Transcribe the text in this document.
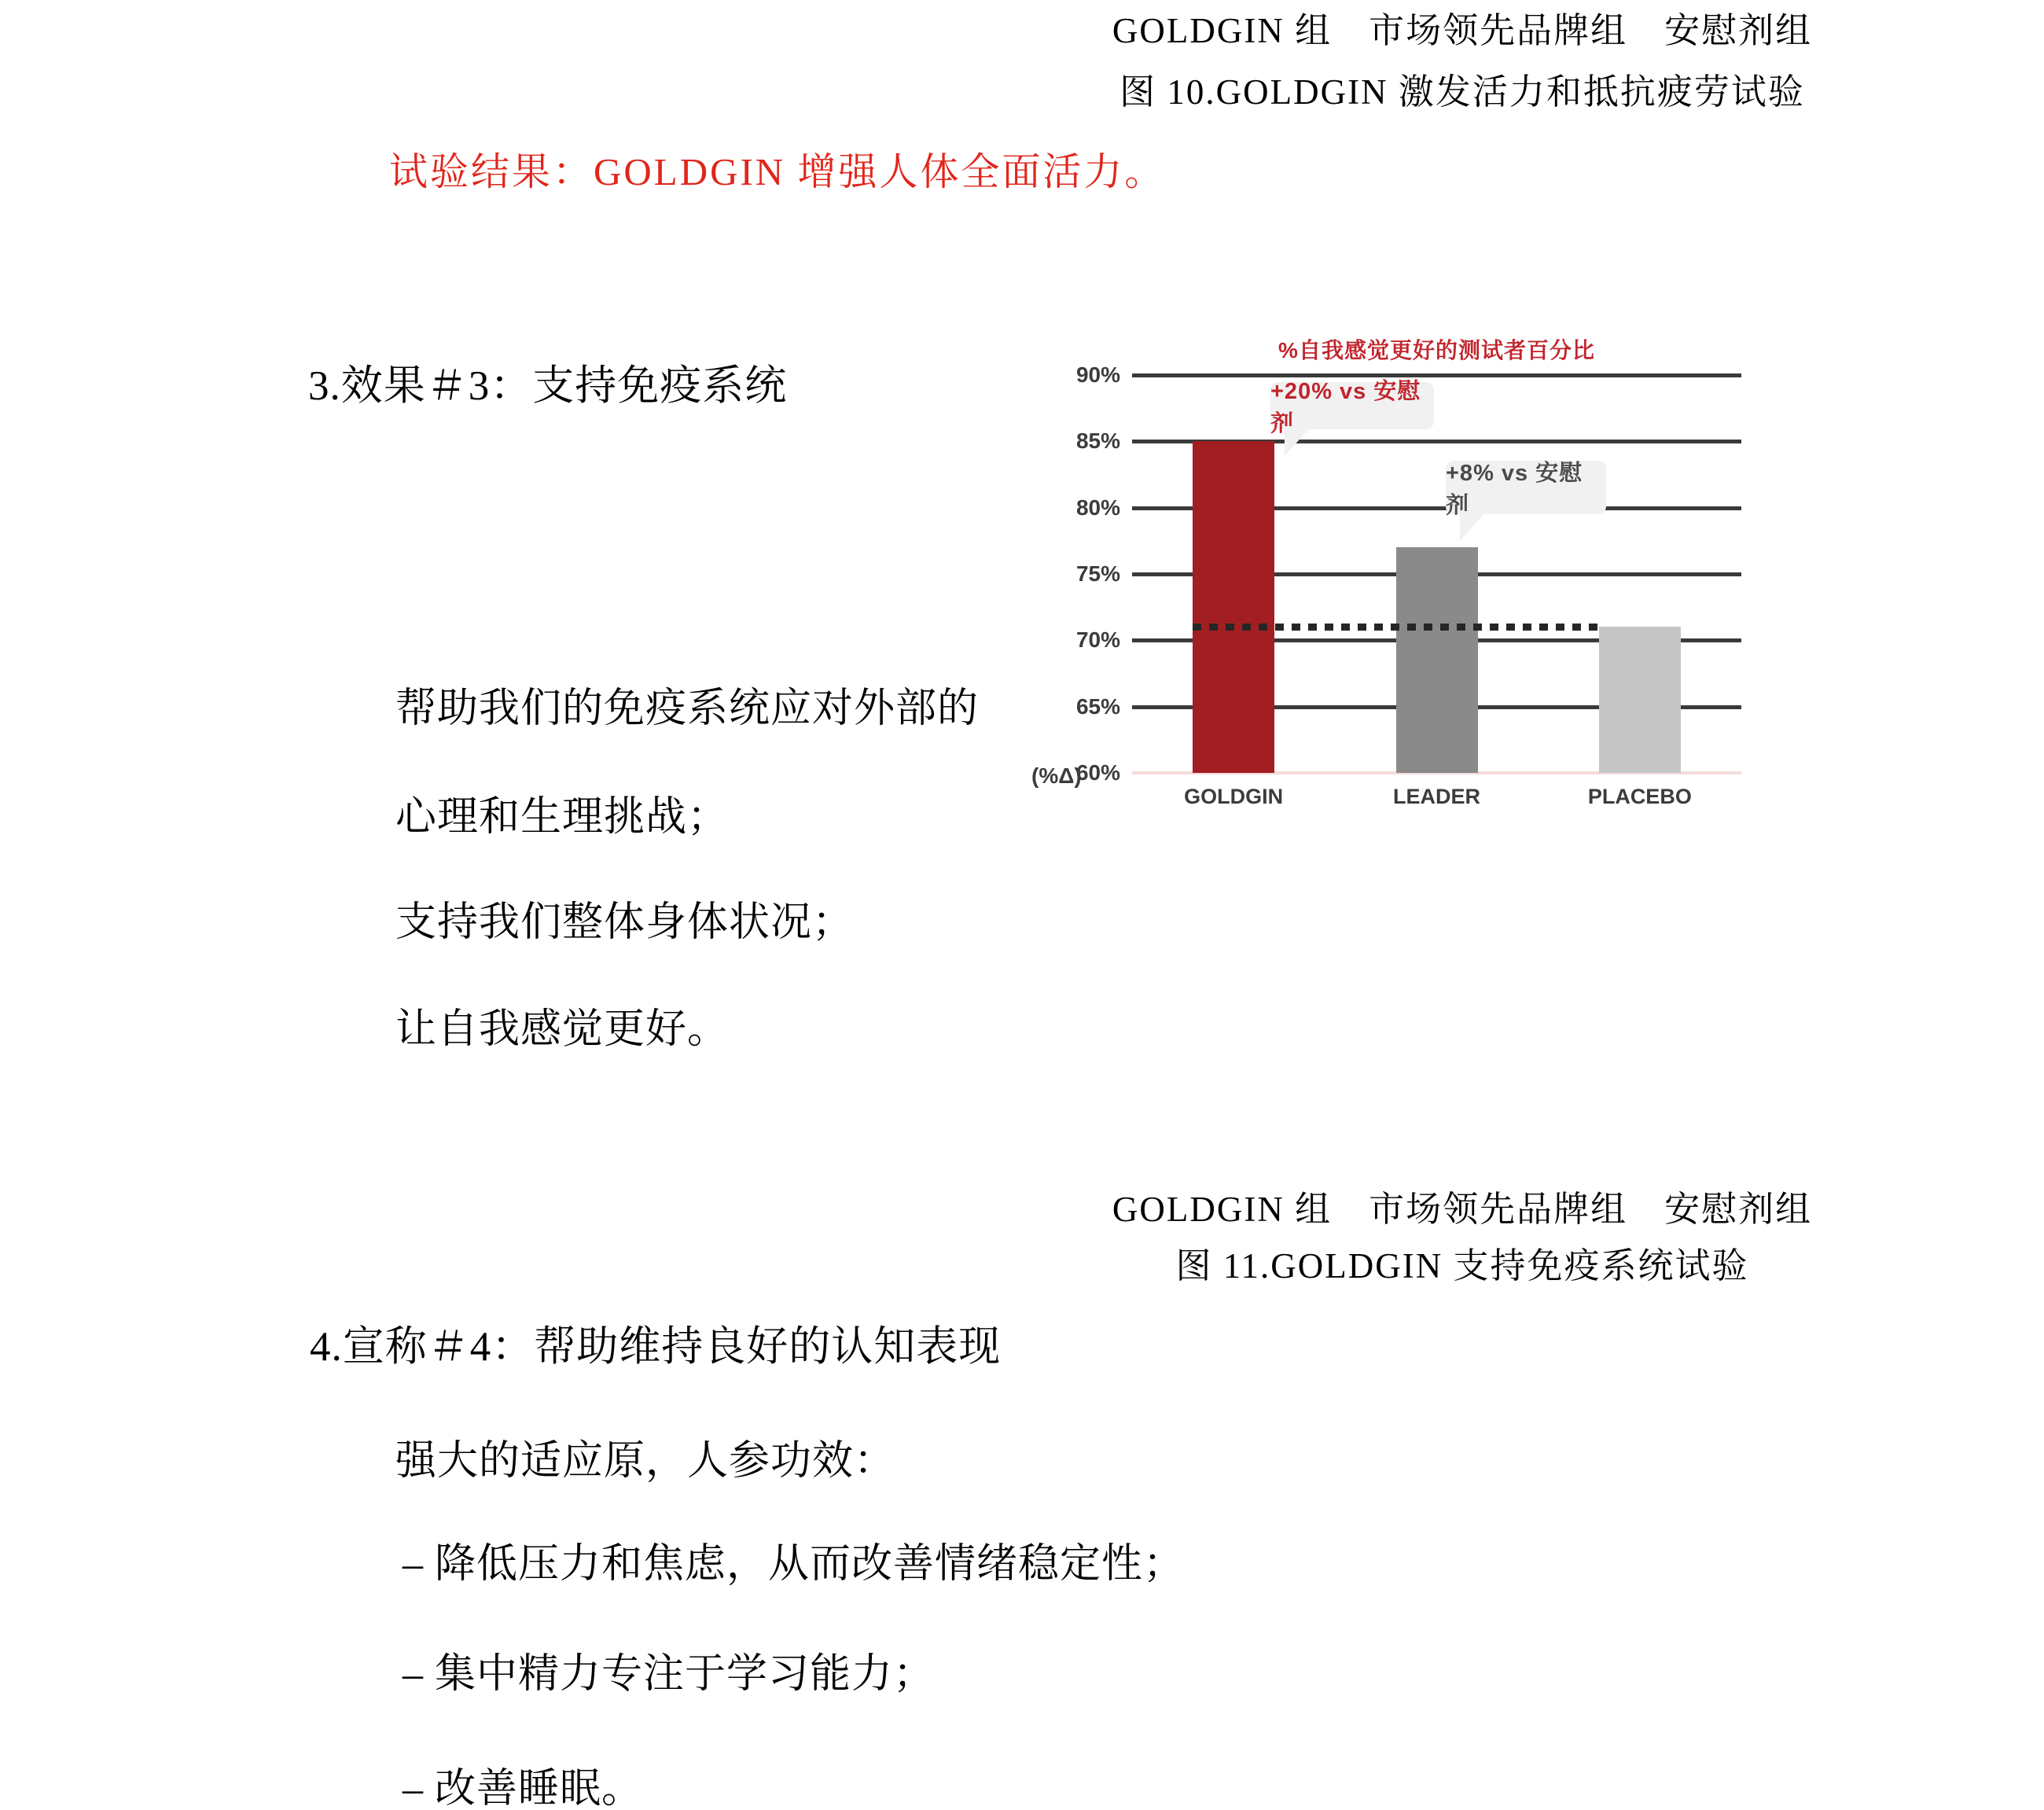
GOLDGIN 组　市场领先品牌组　安慰剂组
图 10.GOLDGIN 激发活力和抵抗疲劳试验
试验结果：GOLDGIN 增强人体全面活力。
3.效果＃3：支持免疫系统
帮助我们的免疫系统应对外部的
心理和生理挑战；
支持我们整体身体状况；
让自我感觉更好。
%自我感觉更好的测试者百分比
(%Δ)
+20% vs 安慰剂
+8% vs 安慰剂
90%
85%
80%
75%
70%
65%
60%
GOLDGIN	LEADER	PLACEBO
GOLDGIN 组　市场领先品牌组　安慰剂组
图 11.GOLDGIN 支持免疫系统试验
4.宣称＃4：帮助维持良好的认知表现
强大的适应原，人参功效：
– 降低压力和焦虑，从而改善情绪稳定性；
– 集中精力专注于学习能力；
– 改善睡眠。
